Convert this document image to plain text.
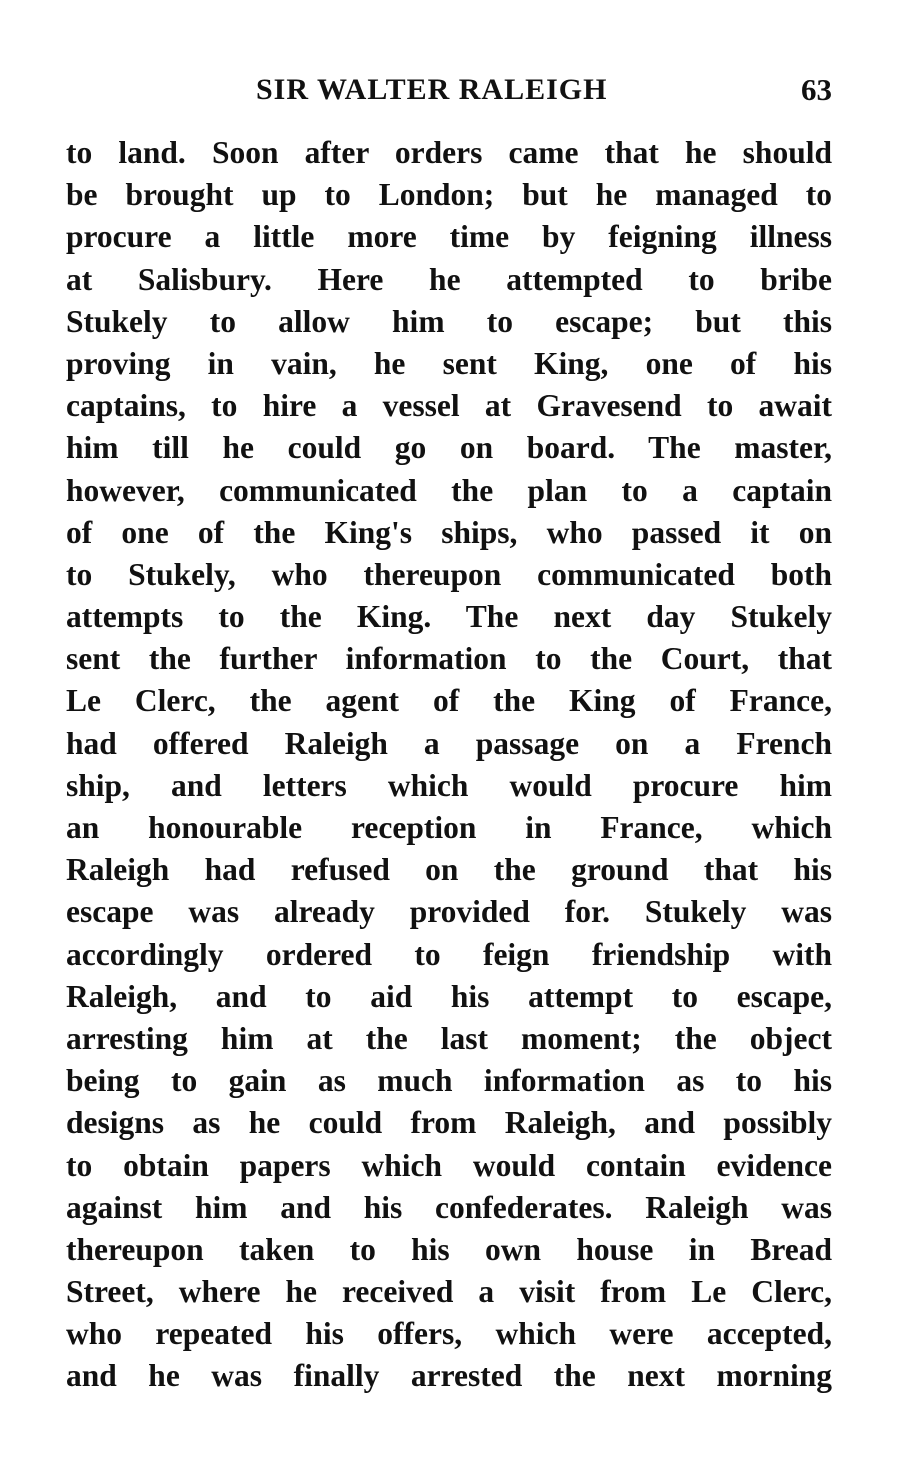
SIR WALTER RALEIGH	63
to land. Soon after orders came that he should
be brought up to London; but he managed to
procure a little more time by feigning illness
at Salisbury. Here he attempted to bribe
Stukely to allow him to escape; but this
proving in vain, he sent King, one of his
captains, to hire a vessel at Gravesend to await
him till he could go on board. The master,
however, communicated the plan to a captain
of one of the King's ships, who passed it on
to Stukely, who thereupon communicated both
attempts to the King. The next day Stukely
sent the further information to the Court, that
Le Clerc, the agent of the King of France,
had offered Raleigh a passage on a French
ship, and letters which would procure him
an honourable reception in France, which
Raleigh had refused on the ground that his
escape was already provided for. Stukely was
accordingly ordered to feign friendship with
Raleigh, and to aid his attempt to escape,
arresting him at the last moment; the object
being to gain as much information as to his
designs as he could from Raleigh, and possibly
to obtain papers which would contain evidence
against him and his confederates. Raleigh was
thereupon taken to his own house in Bread
Street, where he received a visit from Le Clerc,
who repeated his offers, which were accepted,
and he was finally arrested the next morning
